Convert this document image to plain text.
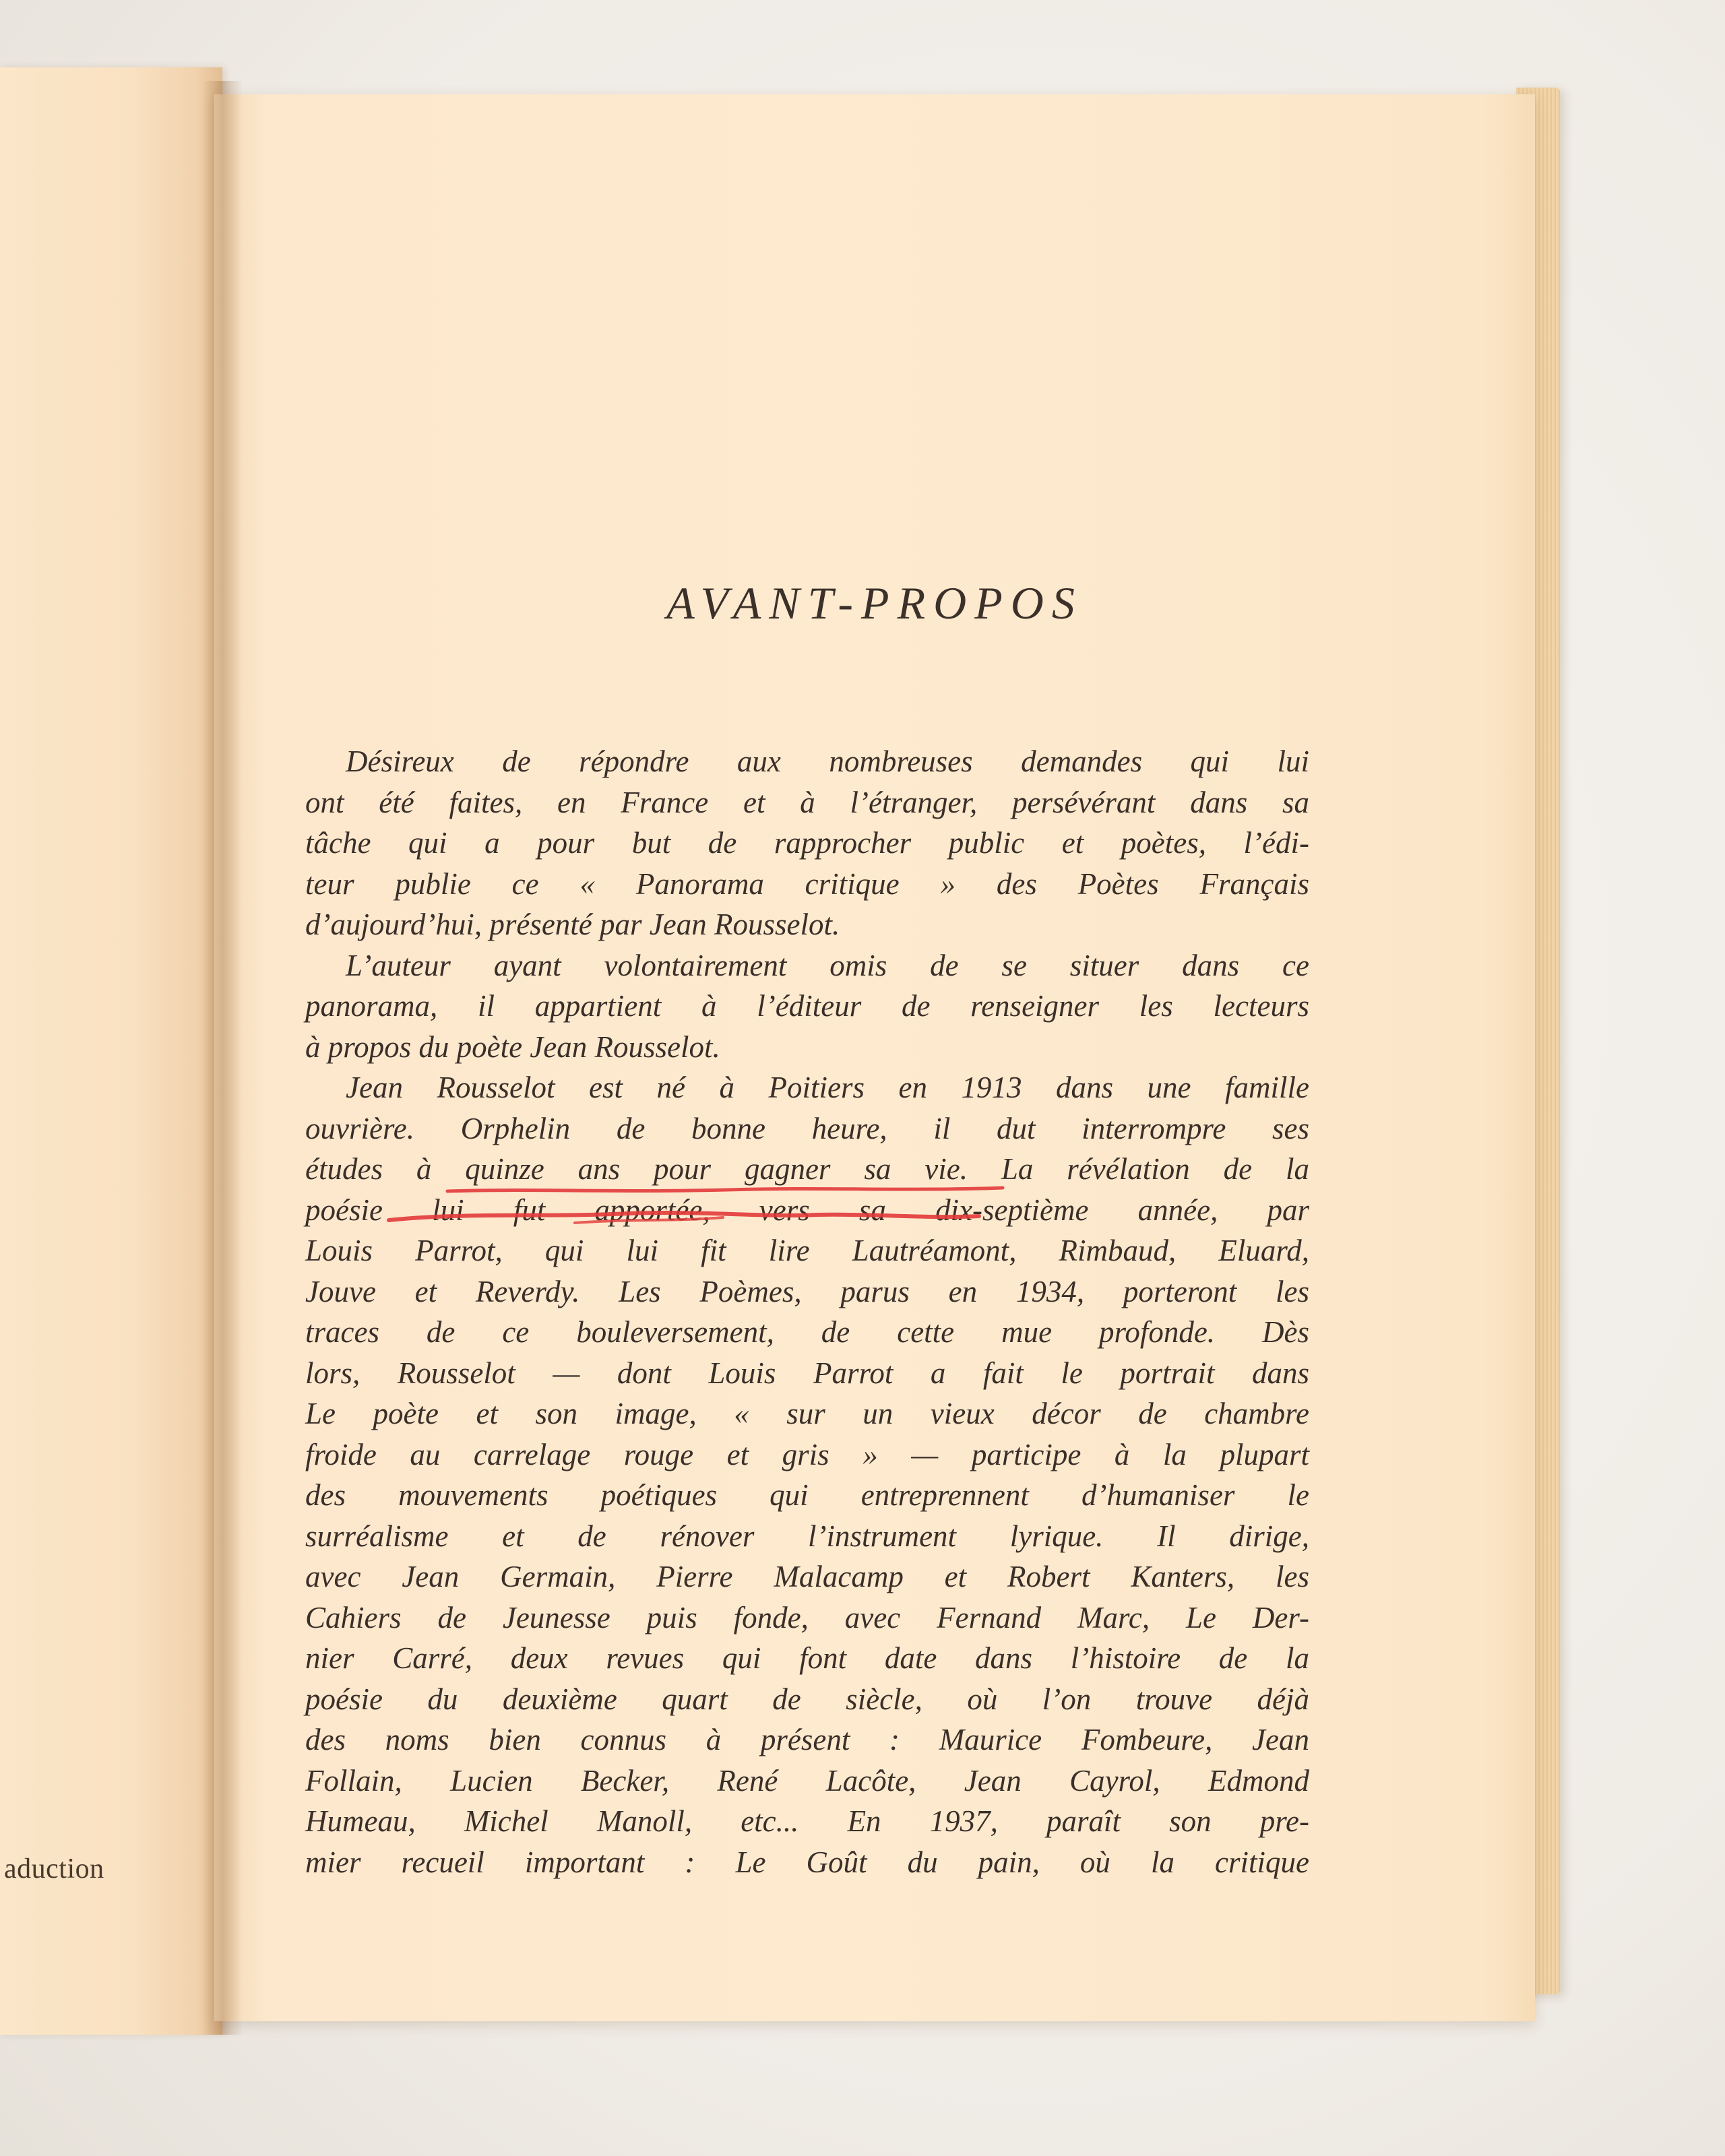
aduction
AVANT-PROPOS
Désireux de répondre aux nombreuses demandes qui lui
ont été faites, en France et à l’étranger, persévérant dans sa
tâche qui a pour but de rapprocher public et poètes, l’édi-
teur publie ce « Panorama critique » des Poètes Français
d’aujourd’hui, présenté par Jean Rousselot.
L’auteur ayant volontairement omis de se situer dans ce
panorama, il appartient à l’éditeur de renseigner les lecteurs
à propos du poète Jean Rousselot.
Jean Rousselot est né à Poitiers en 1913 dans une famille
ouvrière. Orphelin de bonne heure, il dut interrompre ses
études à quinze ans pour gagner sa vie. La révélation de la
poésie lui fut apportée, vers sa dix-septième année, par
Louis Parrot, qui lui fit lire Lautréamont, Rimbaud, Eluard,
Jouve et Reverdy. Les Poèmes, parus en 1934, porteront les
traces de ce bouleversement, de cette mue profonde. Dès
lors, Rousselot — dont Louis Parrot a fait le portrait dans
Le poète et son image, « sur un vieux décor de chambre
froide au carrelage rouge et gris » — participe à la plupart
des mouvements poétiques qui entreprennent d’humaniser le
surréalisme et de rénover l’instrument lyrique. Il dirige,
avec Jean Germain, Pierre Malacamp et Robert Kanters, les
Cahiers de Jeunesse puis fonde, avec Fernand Marc, Le Der-
nier Carré, deux revues qui font date dans l’histoire de la
poésie du deuxième quart de siècle, où l’on trouve déjà
des noms bien connus à présent : Maurice Fombeure, Jean
Follain, Lucien Becker, René Lacôte, Jean Cayrol, Edmond
Humeau, Michel Manoll, etc... En 1937, paraît son pre-
mier recueil important : Le Goût du pain, où la critique
